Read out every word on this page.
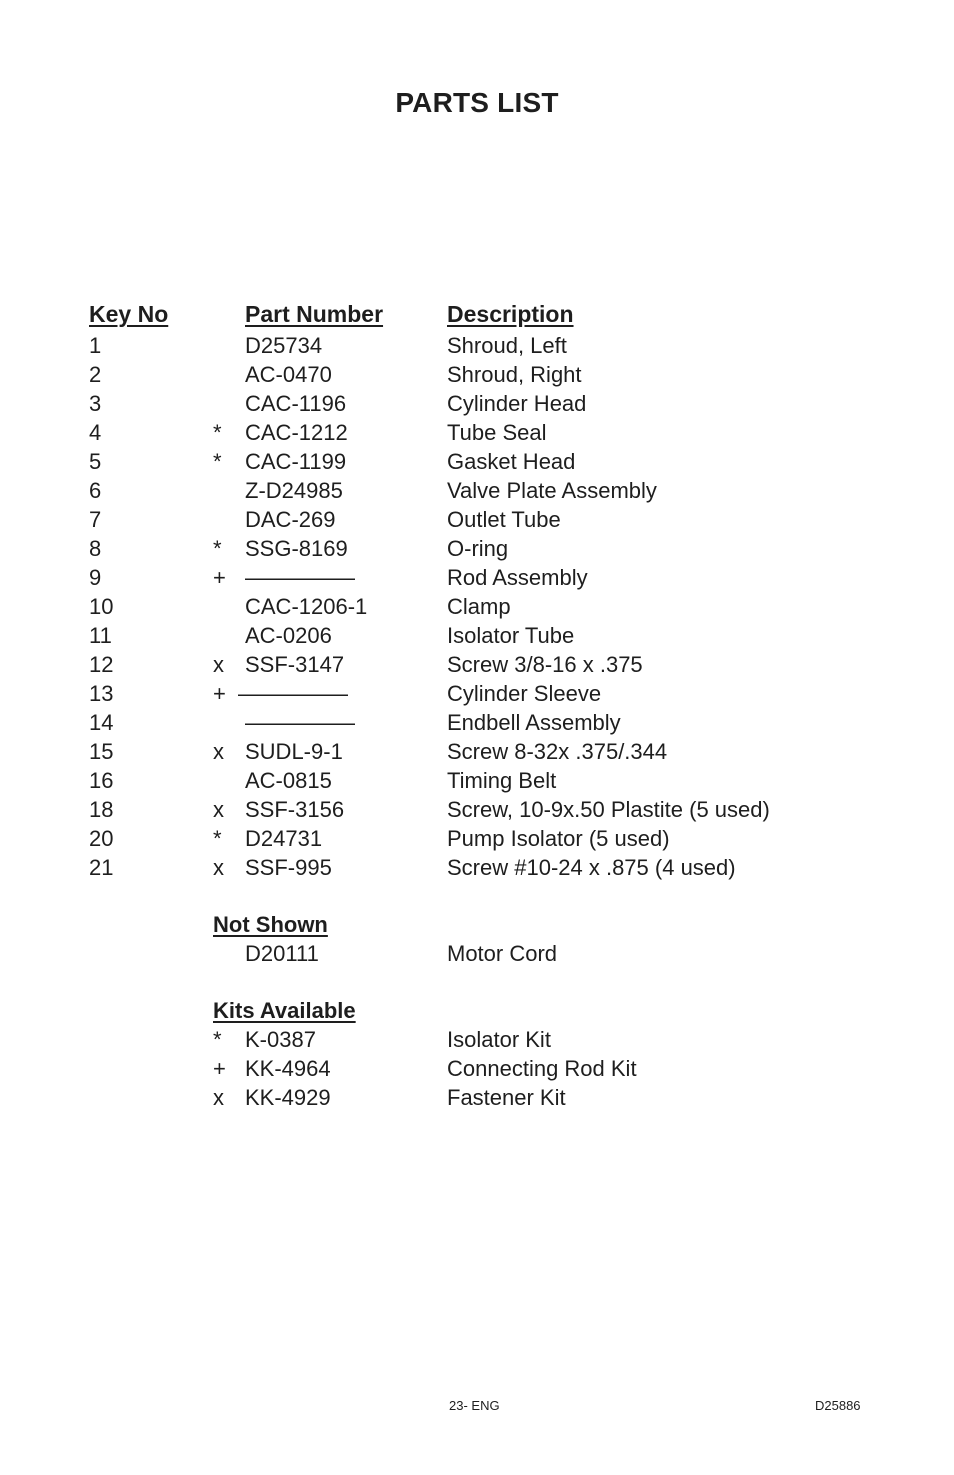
PARTS LIST
Key No	Part Number	Description
1	D25734	Shroud, Left
2	AC-0470	Shroud, Right
3	CAC-1196	Cylinder Head
4	* CAC-1212	Tube Seal
5	* CAC-1199	Gasket Head
6	Z-D24985	Valve Plate Assembly
7	DAC-269	Outlet Tube
8	* SSG-8169	O-ring
9	+ —————	Rod Assembly
10	CAC-1206-1	Clamp
11	AC-0206	Isolator Tube
12	x SSF-3147	Screw 3/8-16 x .375
13	+ —————	Cylinder Sleeve
14	—————	Endbell Assembly
15	x SUDL-9-1	Screw 8-32x .375/.344
16	AC-0815	Timing Belt
18	x SSF-3156	Screw, 10-9x.50 Plastite (5 used)
20	* D24731	Pump Isolator (5 used)
21	x SSF-995	Screw #10-24 x .875 (4 used)
Not Shown
D20111	Motor Cord
Kits Available
* K-0387	Isolator Kit
+ KK-4964	Connecting Rod Kit
x KK-4929	Fastener Kit
23- ENG	D25886
